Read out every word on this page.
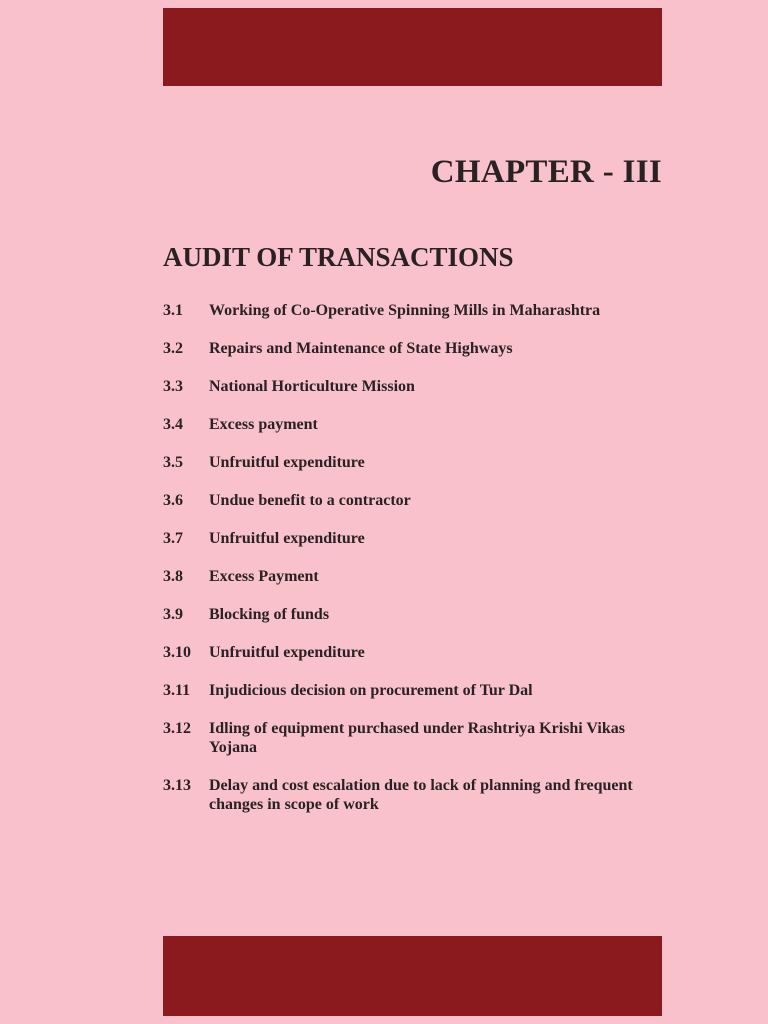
CHAPTER - III
AUDIT OF TRANSACTIONS
3.1	Working of Co-Operative Spinning Mills in Maharashtra
3.2	Repairs and Maintenance of State Highways
3.3	National Horticulture Mission
3.4	Excess payment
3.5	Unfruitful expenditure
3.6	Undue benefit to a contractor
3.7	Unfruitful expenditure
3.8	Excess Payment
3.9	Blocking of funds
3.10	Unfruitful expenditure
3.11	Injudicious decision on procurement of Tur Dal
3.12	Idling of equipment purchased under Rashtriya Krishi Vikas Yojana
3.13	Delay and cost escalation due to lack of planning and frequent changes in scope of work
